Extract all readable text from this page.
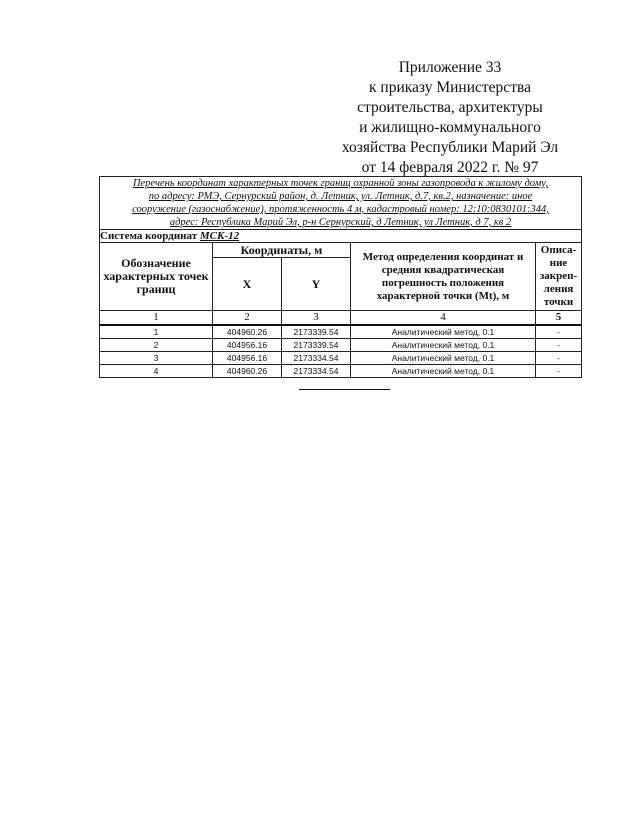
Приложение 33
к приказу Министерства
строительства, архитектуры
и жилищно-коммунального
хозяйства Республики Марий Эл
от 14 февраля 2022 г. № 97
Перечень координат характерных точек границ охранной зоны газопровода к жилому дому,
по адресу: РМЭ, Сернурский район, д. Летник, ул. Летник, д.7, кв.2, назначение: иное
сооружение (газоснабжение), протяженность 4 м, кадастровый номер: 12:10:0830101:344,
адрес: Республика Марий Эл, р-н Сернурский, д Летник, ул Летник, д 7, кв 2				

Система координат МСК-12				
Обозначение характерных точек границ	Координаты, м		Метод определения координат и средняя квадратическая погрешность положения характерной точки (Mt), м	Описа-ние закреп-ления точки
	X	Y		
1	2	3	4	5
1	404960.26	2173339.54	Аналитический метод, 0.1	-
2	404956.16	2173339.54	Аналитический метод, 0.1	-
3	404956.16	2173334.54	Аналитический метод, 0.1	-
4	404960.26	2173334.54	Аналитический метод, 0.1	-
